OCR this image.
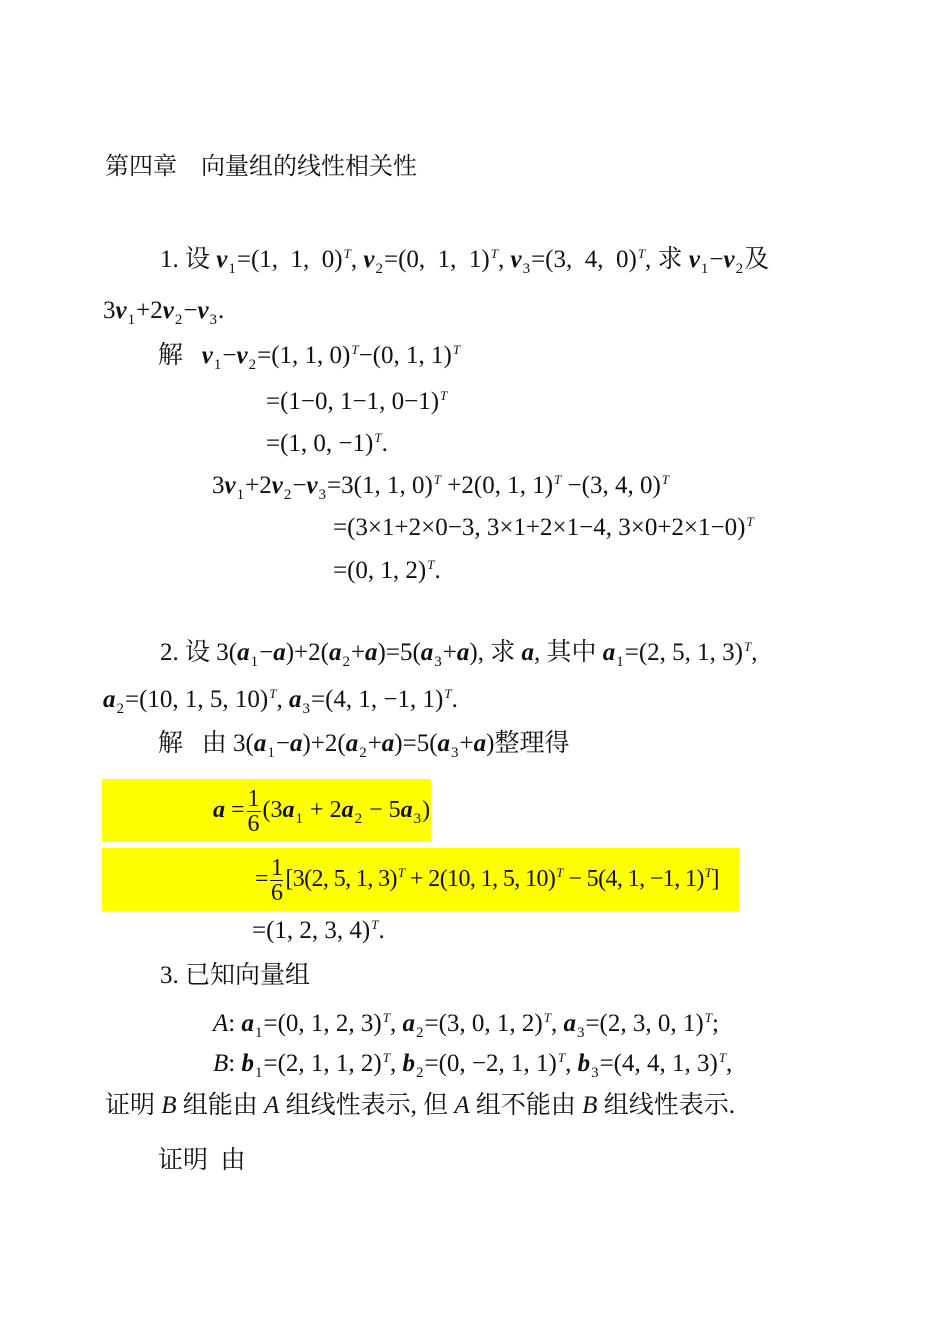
第四章　向量组的线性相关性
1. 设 $v_1=(1$,  1,  0)$^T$, $v_2=(0$,  1,  1)$^T$, $v_3=(3$,  4,  0)$^T$, 求 $v_1-v_2$及
$3v_1+2v_2-v_3$.
解   $v_1-v_2=(1$, 1, 0)$^T$−(0, 1, 1)$^T$
=(1−0, 1−1, 0−1)$^T$
=(1, 0, −1)$^T$.
$3v_1+2v_2-v_3=3(1$, 1, 0)$^T$ +2(0, 1, 1)$^T$ −(3, 4, 0)$^T$
=(3×1+2×0−3, 3×1+2×1−4, 3×0+2×1−0)$^T$
=(0, 1, 2)$^T$.
2. 设 $3(a_1-a)+2(a_2+a)=5(a_3+a)$, 求 a, 其中 $a_1=(2$, 5, 1, 3)$^T$,
$a_2=(10$, 1, 5, 10)$^T$, $a_3=(4$, 1, −1, 1)$^T$.
解   由 $3(a_1-a)+2(a_2+a)=5(a_3+a)$整理得
$a = \frac{1}{6} (3a_1 + 2a_2 - 5a_3)$
= $\frac{1}{6} [3(2$, 5, 1, 3)$^T$ + 2(10, 1, 5, 10)$^T$ − 5(4, 1, −1, 1)$^T$]
=(1, 2, 3, 4)$^T$.
3. 已知向量组
A: $a_1=(0$, 1, 2, 3)$^T$, $a_2=(3$, 0, 1, 2)$^T$, $a_3=(2$, 3, 0, 1)$^T$;
B: $b_1=(2$, 1, 1, 2)$^T$, $b_2=(0$, −2, 1, 1)$^T$, $b_3=(4$, 4, 1, 3)$^T$,
证明 B 组能由 A 组线性表示, 但 A 组不能由 B 组线性表示.
证明  由
